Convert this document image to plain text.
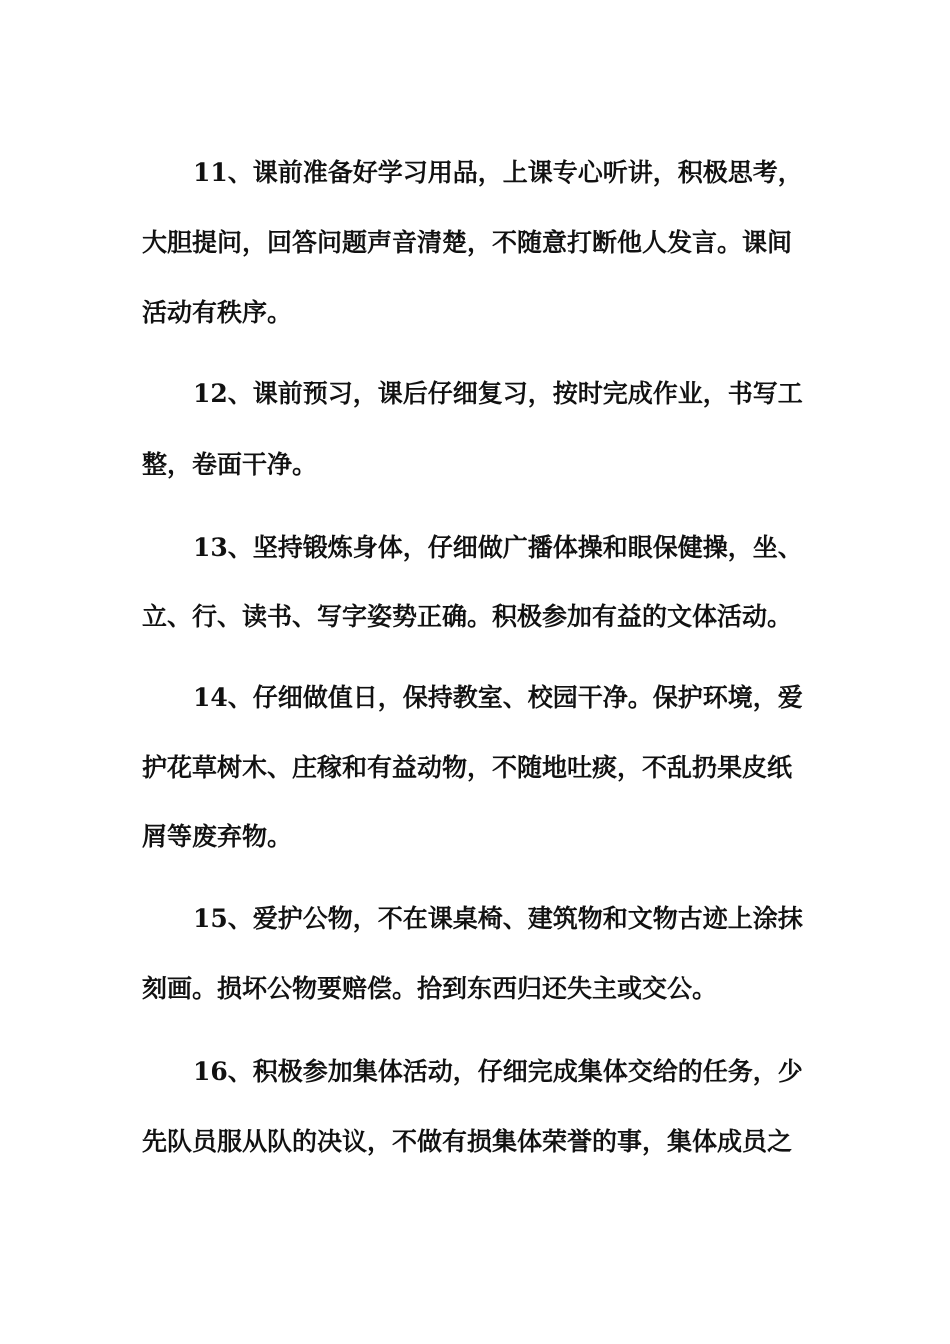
11、课前准备好学习用品，上课专心听讲，积极思考，
大胆提问，回答问题声音清楚，不随意打断他人发言。课间
活动有秩序。
12、课前预习，课后仔细复习，按时完成作业，书写工
整，卷面干净。
13、坚持锻炼身体，仔细做广播体操和眼保健操，坐、
立、行、读书、写字姿势正确。积极参加有益的文体活动。
14、仔细做值日，保持教室、校园干净。保护环境，爱
护花草树木、庄稼和有益动物，不随地吐痰，不乱扔果皮纸
屑等废弃物。
15、爱护公物，不在课桌椅、建筑物和文物古迹上涂抹
刻画。损坏公物要赔偿。拾到东西归还失主或交公。
16、积极参加集体活动，仔细完成集体交给的任务，少
先队员服从队的决议，不做有损集体荣誉的事，集体成员之
